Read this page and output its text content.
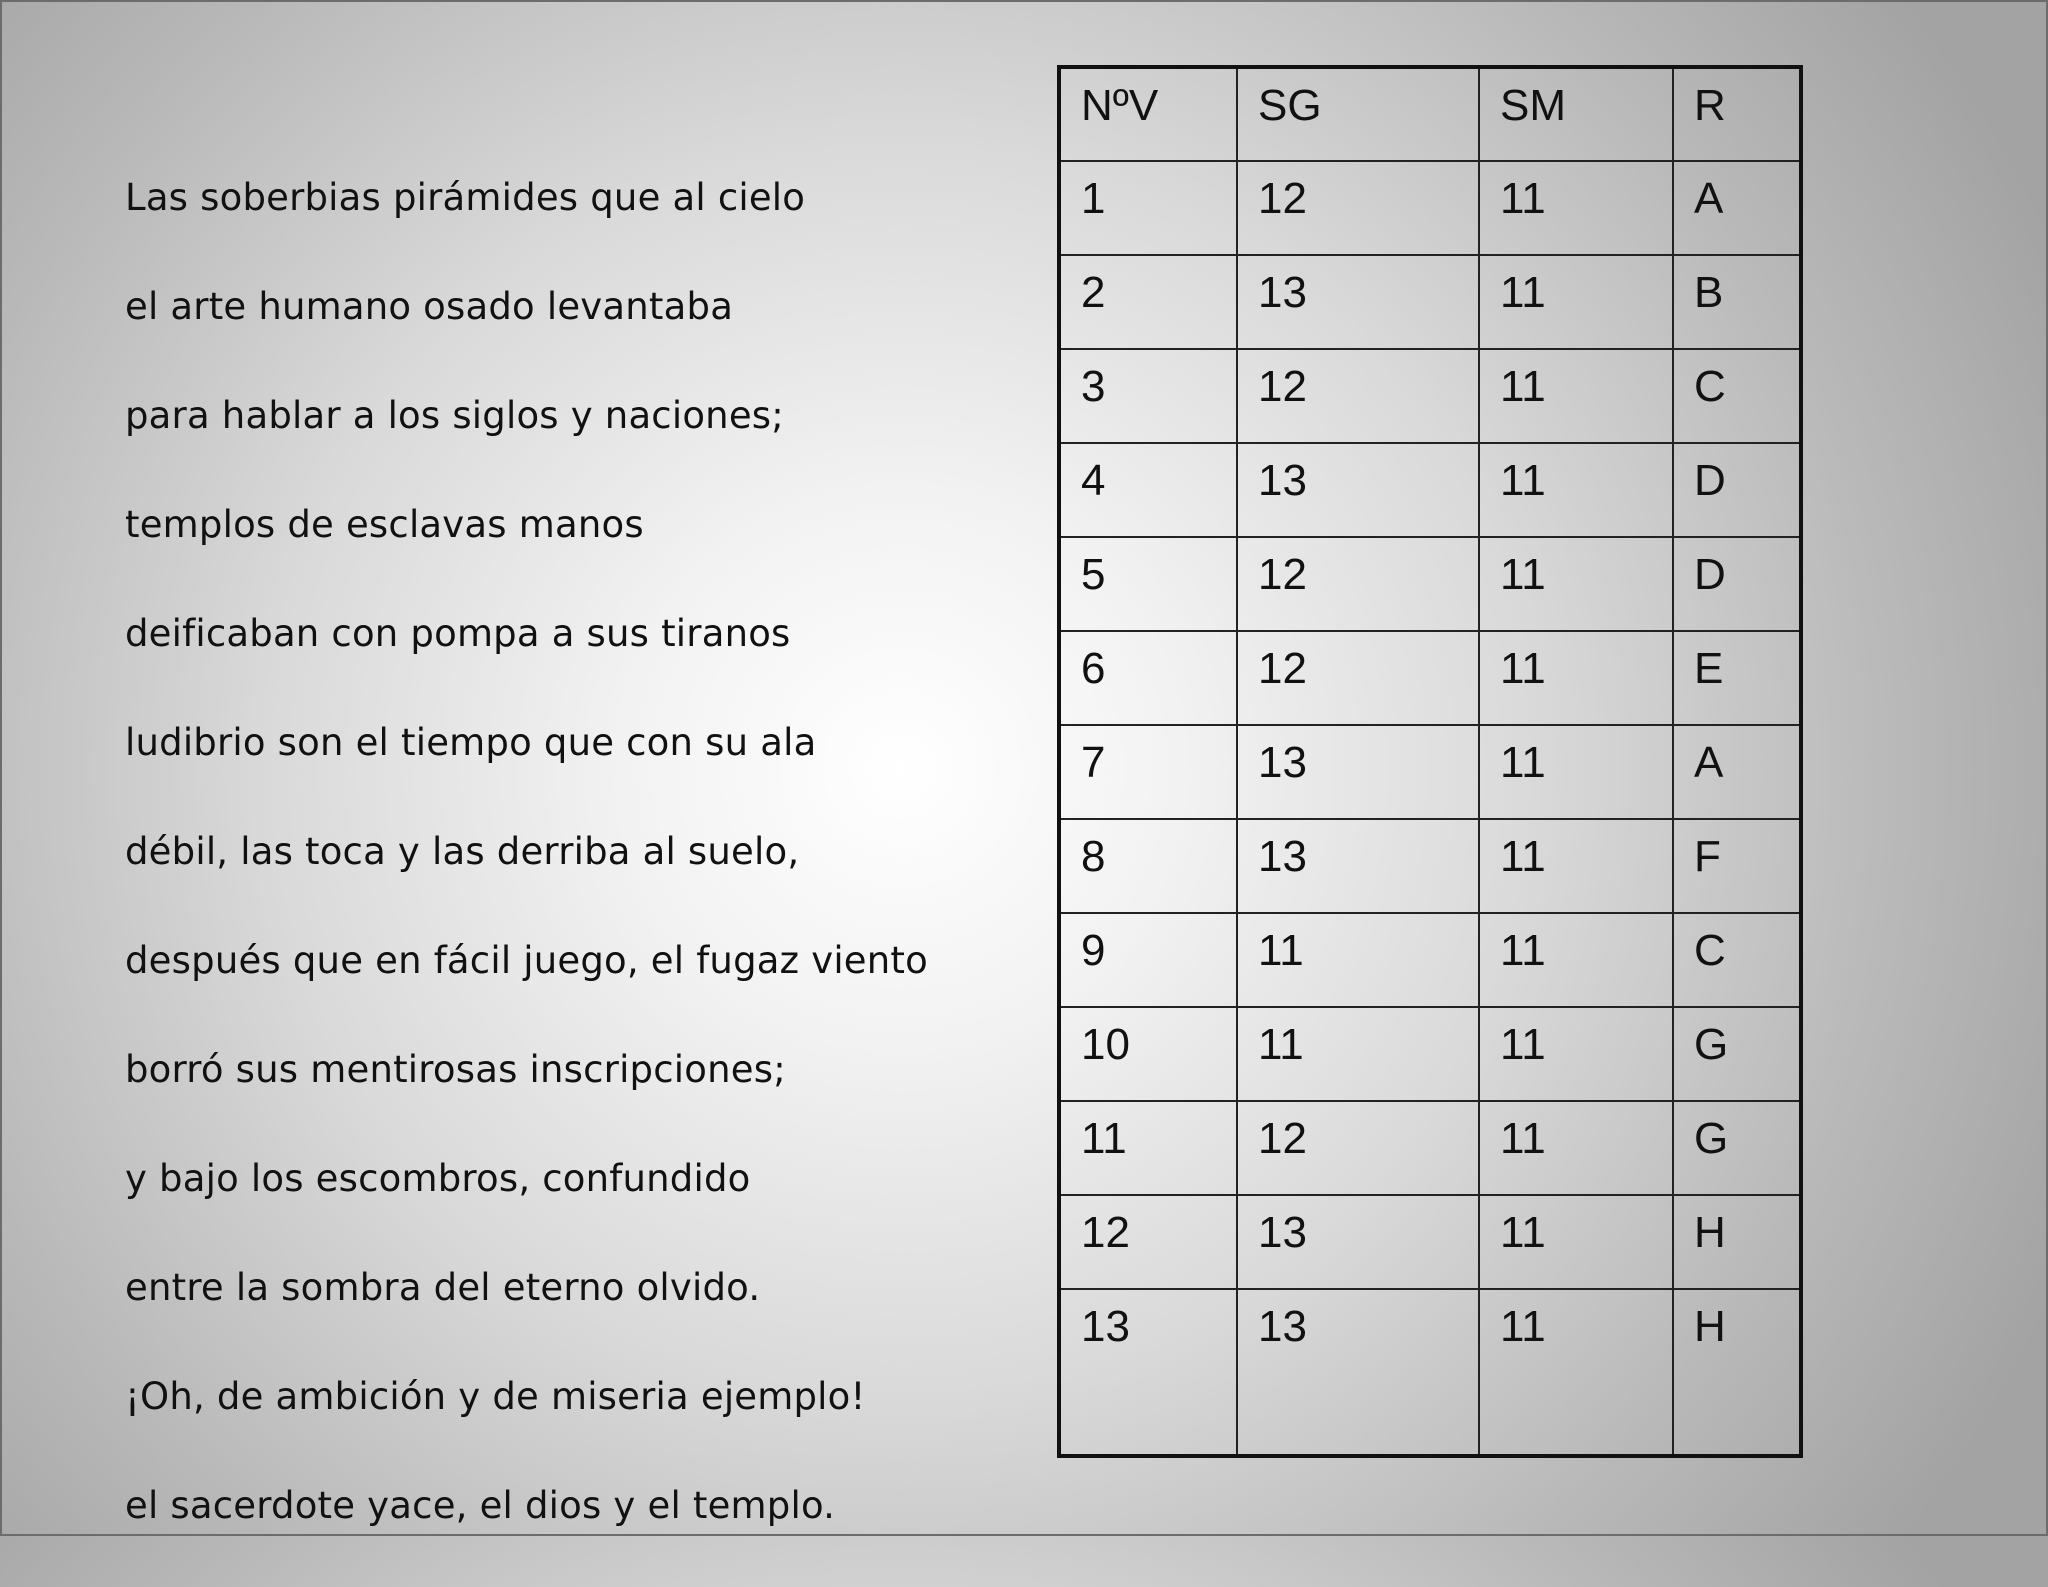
Las soberbias pirámides que al cielo
el arte humano osado levantaba
para hablar a los siglos y naciones;
templos de esclavas manos
deificaban con pompa a sus tiranos
ludibrio son el tiempo que con su ala
débil, las toca y las derriba al suelo,
después que en fácil juego, el fugaz viento
borró sus mentirosas inscripciones;
y bajo los escombros, confundido
entre la sombra del eterno olvido.
¡Oh, de ambición y de miseria ejemplo!
el sacerdote yace, el dios y el templo.
NºV	SG	SM	R
1	12	11	A
2	13	11	B
3	12	11	C
4	13	11	D
5	12	11	D
6	12	11	E
7	13	11	A
8	13	11	F
9	11	11	C
10	11	11	G
11	12	11	G
12	13	11	H
13	13	11	H
